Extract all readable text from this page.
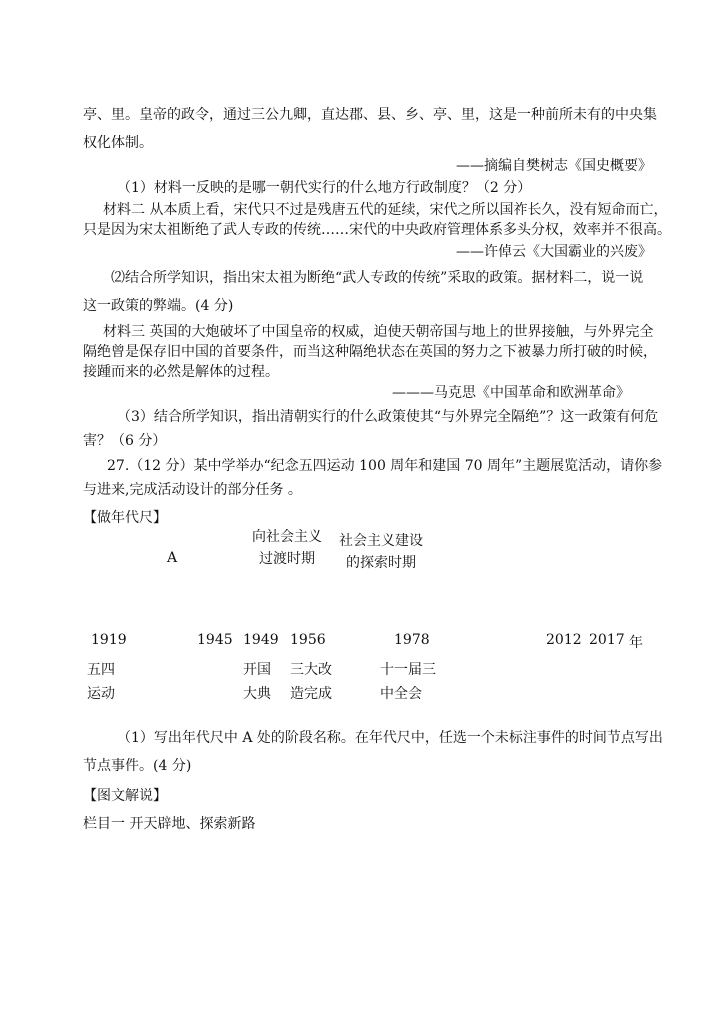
亭、里。皇帝的政令，通过三公九卿，直达郡、县、乡、亭、里，这是一种前所未有的中央集
权化体制。
——摘编自樊树志《国史概要》
（1）材料一反映的是哪一朝代实行的什么地方行政制度？（2 分）
材料二 从本质上看，宋代只不过是残唐五代的延续，宋代之所以国祚长久，没有短命而亡，
只是因为宋太祖断绝了武人专政的传统……宋代的中央政府管理体系多头分权，效率并不很高。
——许倬云《大国霸业的兴废》
⑵结合所学知识，指出宋太祖为断绝“武人专政的传统”采取的政策。据材料二，说一说
这一政策的弊端。(4 分)
材料三 英国的大炮破坏了中国皇帝的权威，迫使天朝帝国与地上的世界接触，与外界完全
隔绝曾是保存旧中国的首要条件，而当这种隔绝状态在英国的努力之下被暴力所打破的时候，
接踵而来的必然是解体的过程。
———马克思《中国革命和欧洲革命》
（3）结合所学知识，指出清朝实行的什么政策使其“与外界完全隔绝”？这一政策有何危
害？（6 分）
27.（12 分）某中学举办“纪念五四运动 100 周年和建国 70 周年”主题展览活动，请你参
与进来,完成活动设计的部分任务 。
【做年代尺】
A
向社会主义
过渡时期
社会主义建设
的探索时期
1919	1945 1949 1956	1978	2012 2017 年
五四
运动
开国
大典
三大改
造完成
十一届三
中全会
（1）写出年代尺中 A 处的阶段名称。在年代尺中，任选一个未标注事件的时间节点写出
节点事件。(4 分)
【图文解说】
栏目一 开天辟地、探索新路
